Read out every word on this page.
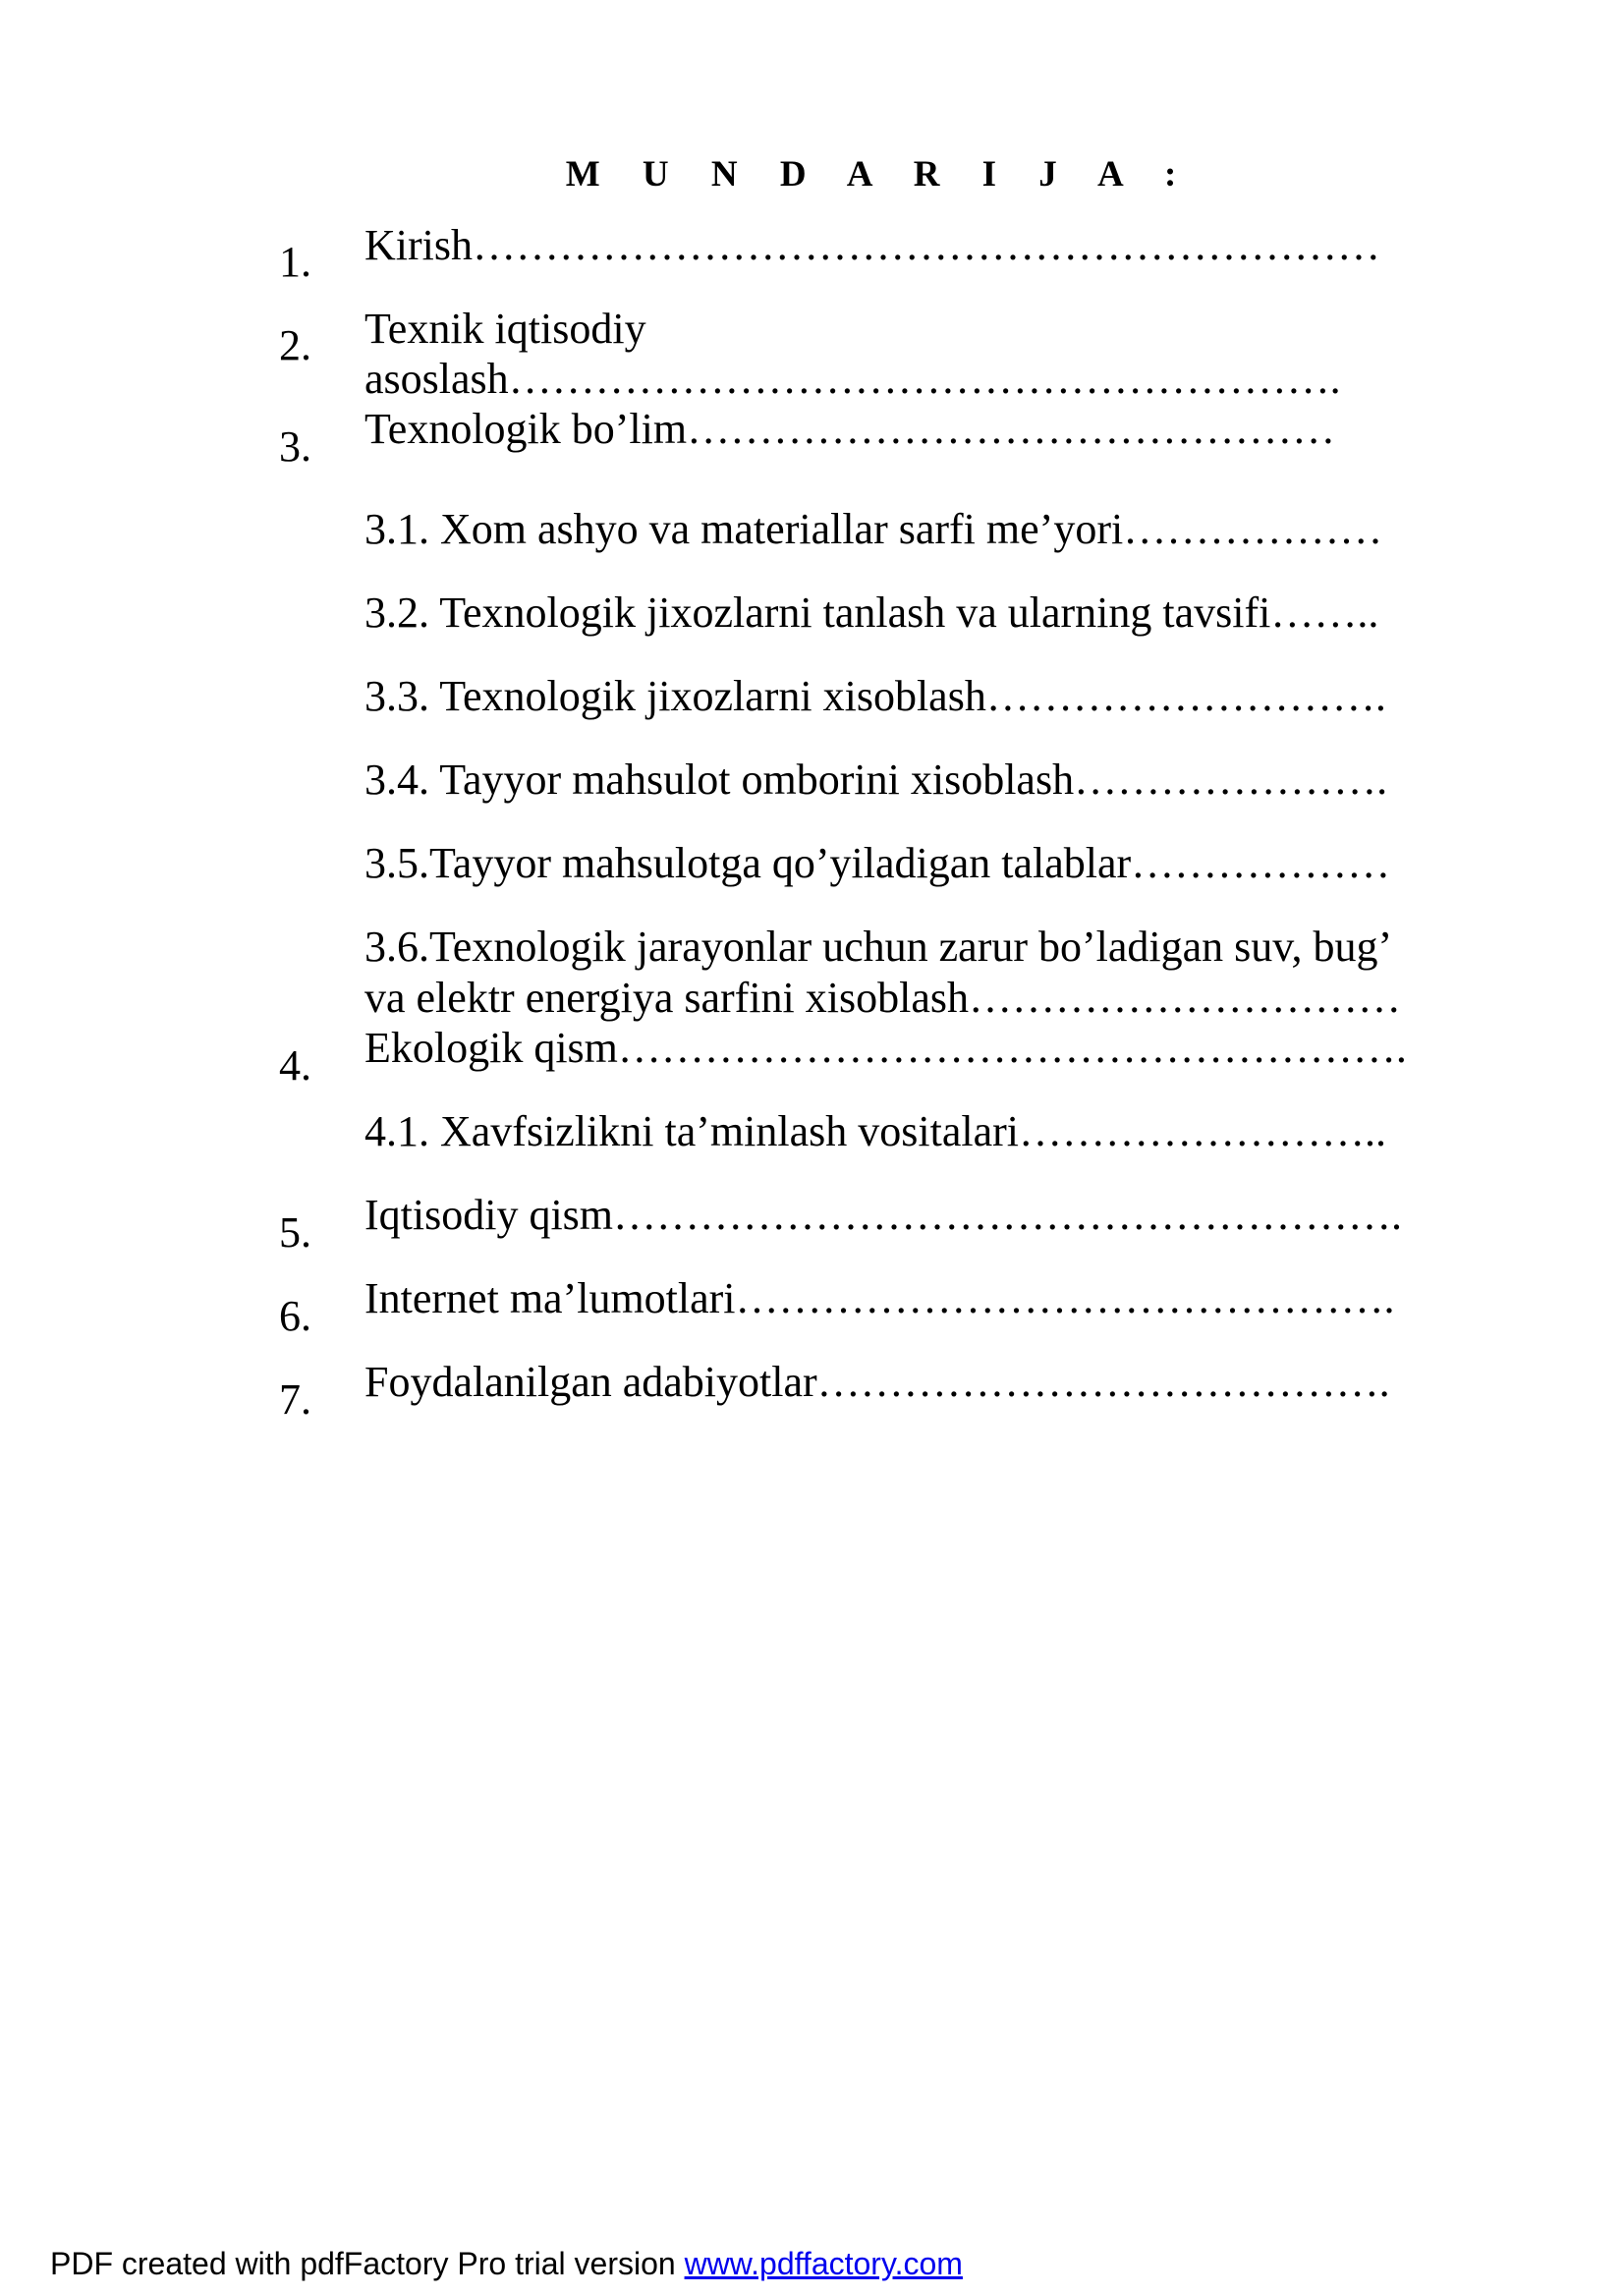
M U N D A R I J A :
1.	Kirish………………………………………………………
2.	Texnik iqtisodiy
asoslash………………………………………………….
3.	Texnologik bo’lim………………………………………
3.1. Xom ashyo va materiallar sarfi me’yori………………
3.2. Texnologik jixozlarni tanlash va ularning tavsifi……..
3.3. Texnologik jixozlarni xisoblash……………………….
3.4. Tayyor mahsulot omborini xisoblash………………….
3.5.Tayyor mahsulotga qo’yiladigan talablar………………
3.6.Texnologik jarayonlar uchun zarur bo’ladigan suv, bug’
va elektr energiya sarfini xisoblash…………………………
4.	Ekologik qism……………………………………………….
4.1. Xavfsizlikni ta’minlash vositalari……………………..
5.	Iqtisodiy qism……………………………………………….
6.	Internet ma’lumotlari……………………………………….
7.	Foydalanilgan adabiyotlar………………………………….
PDF created with pdfFactory Pro trial version www.pdffactory.com
